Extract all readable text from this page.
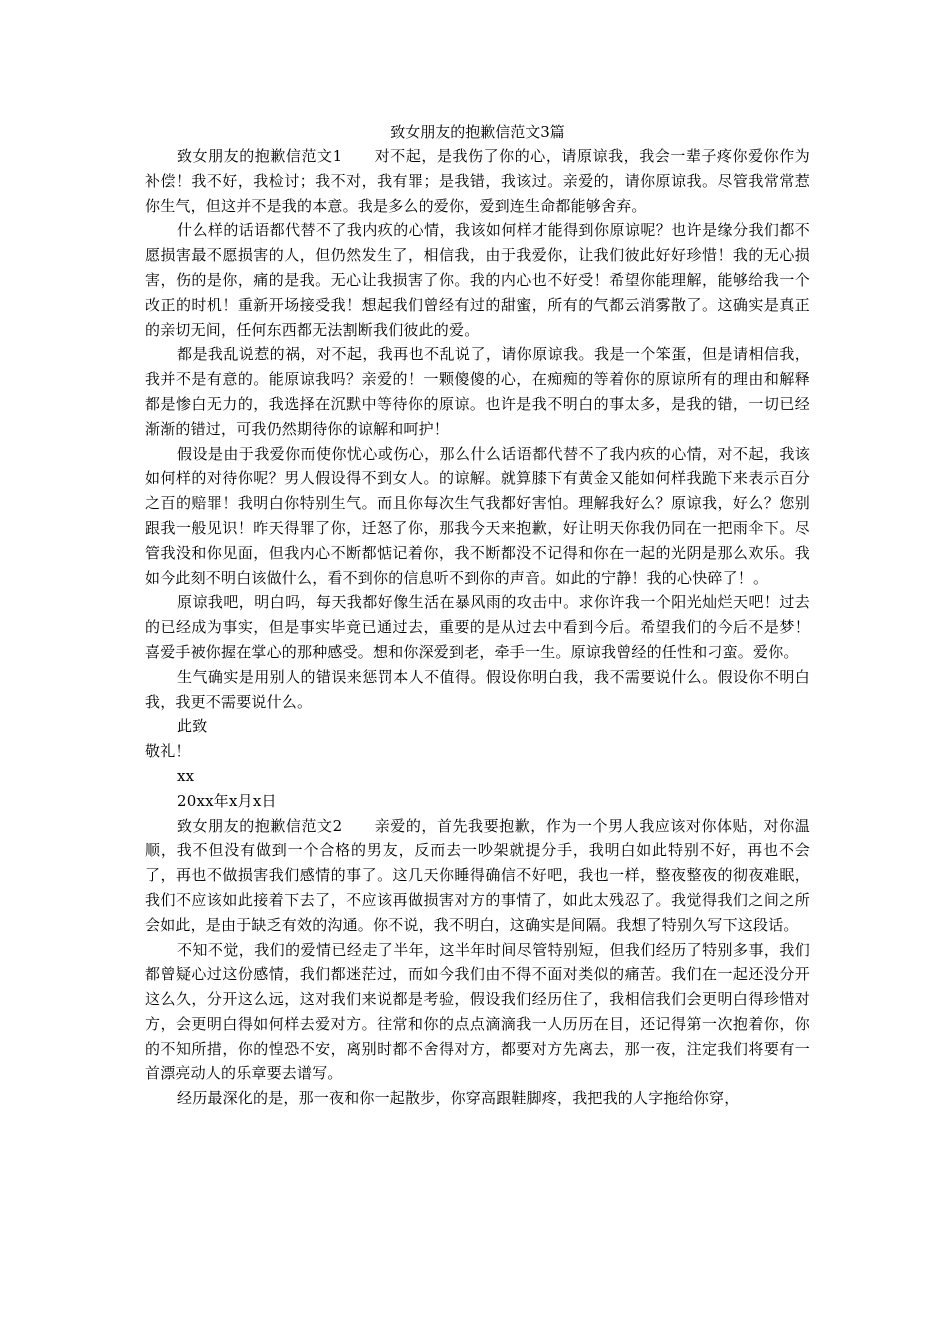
致女朋友的抱歉信范文3篇

致女朋友的抱歉信范文1 对不起，是我伤了你的心，请原谅我，我会一辈子疼你爱你作为补偿！我不好，我检讨；我不对，我有罪；是我错，我该过。亲爱的，请你原谅我。尽管我常常惹你生气，但这并不是我的本意。我是多么的爱你，爱到连生命都能够舍弃。

什么样的话语都代替不了我内疚的心情，我该如何样才能得到你原谅呢？也许是缘分我们都不愿损害最不愿损害的人，但仍然发生了，相信我，由于我爱你，让我们彼此好好珍惜！我的无心损害，伤的是你，痛的是我。无心让我损害了你。我的内心也不好受！希望你能理解，能够给我一个改正的时机！重新开场接受我！想起我们曾经有过的甜蜜，所有的气都云消雾散了。这确实是真正的亲切无间，任何东西都无法割断我们彼此的爱。

都是我乱说惹的祸，对不起，我再也不乱说了，请你原谅我。我是一个笨蛋，但是请相信我，我并不是有意的。能原谅我吗？亲爱的！一颗傻傻的心，在痴痴的等着你的原谅所有的理由和解释都是惨白无力的，我选择在沉默中等待你的原谅。也许是我不明白的事太多，是我的错，一切已经渐渐的错过，可我仍然期待你的谅解和呵护！

假设是由于我爱你而使你忧心或伤心，那么什么话语都代替不了我内疚的心情，对不起，我该如何样的对待你呢？男人假设得不到女人。的谅解。就算膝下有黄金又能如何样我跪下来表示百分之百的赔罪！我明白你特别生气。而且你每次生气我都好害怕。理解我好么？原谅我，好么？您别跟我一般见识！昨天得罪了你，迁怒了你，那我今天来抱歉，好让明天你我仍同在一把雨伞下。尽管我没和你见面，但我内心不断都惦记着你，我不断都没不记得和你在一起的光阴是那么欢乐。我如今此刻不明白该做什么，看不到你的信息听不到你的声音。如此的宁静！我的心快碎了！。

原谅我吧，明白吗，每天我都好像生活在暴风雨的攻击中。求你许我一个阳光灿烂天吧！过去的已经成为事实，但是事实毕竟已通过去，重要的是从过去中看到今后。希望我们的今后不是梦！喜爱手被你握在掌心的那种感受。想和你深爱到老，牵手一生。原谅我曾经的任性和刁蛮。爱你。

生气确实是用别人的错误来惩罚本人不值得。假设你明白我，我不需要说什么。假设你不明白我，我更不需要说什么。

此致

敬礼！

xx

20xx年x月x日

致女朋友的抱歉信范文2 亲爱的，首先我要抱歉，作为一个男人我应该对你体贴，对你温顺，我不但没有做到一个合格的男友，反而去一吵架就提分手，我明白如此特别不好，再也不会了，再也不做损害我们感情的事了。这几天你睡得确信不好吧，我也一样，整夜整夜的彻夜难眠，我们不应该如此接着下去了，不应该再做损害对方的事情了，如此太残忍了。我觉得我们之间之所会如此，是由于缺乏有效的沟通。你不说，我不明白，这确实是间隔。我想了特别久写下这段话。

不知不觉，我们的爱情已经走了半年，这半年时间尽管特别短，但我们经历了特别多事，我们都曾疑心过这份感情，我们都迷茫过，而如今我们由不得不面对类似的痛苦。我们在一起还没分开这么久，分开这么远，这对我们来说都是考验，假设我们经历住了，我相信我们会更明白得珍惜对方，会更明白得如何样去爱对方。往常和你的点点滴滴我一人历历在目，还记得第一次抱着你，你的不知所措，你的惶恐不安，离别时都不舍得对方，都要对方先离去，那一夜，注定我们将要有一首漂亮动人的乐章要去谱写。

经历最深化的是，那一夜和你一起散步，你穿高跟鞋脚疼，我把我的人字拖给你穿，
